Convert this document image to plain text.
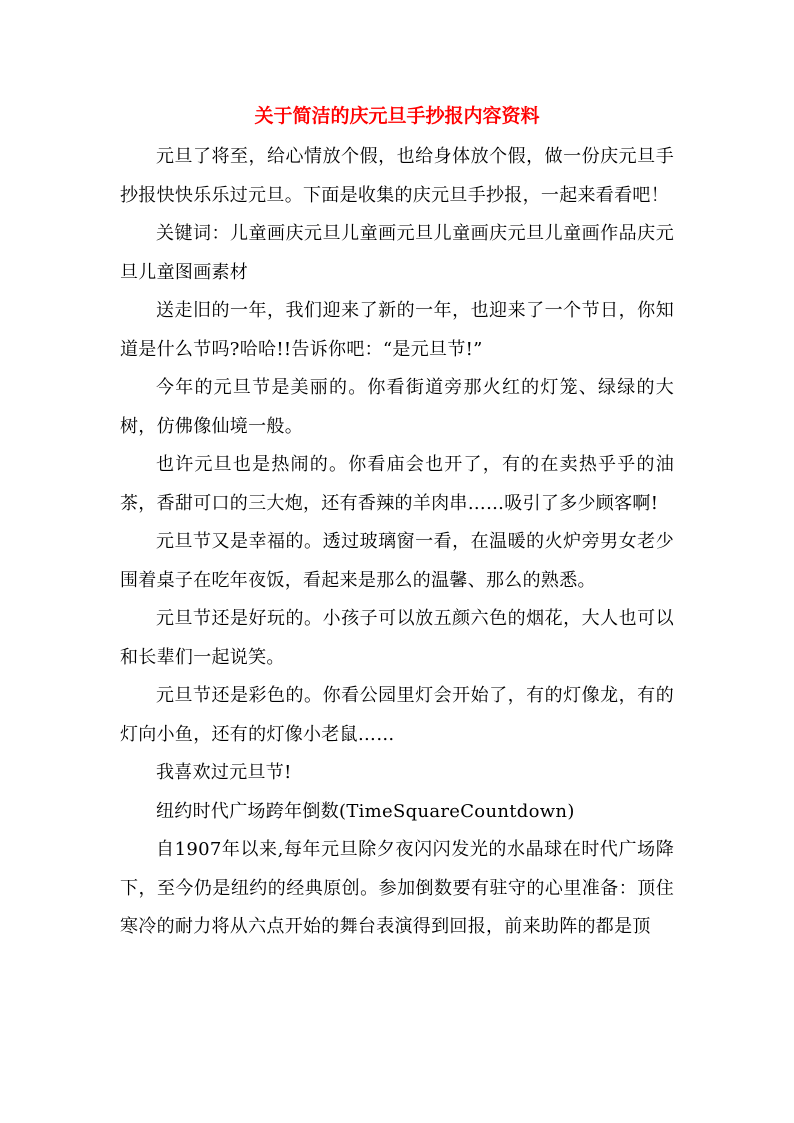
关于简洁的庆元旦手抄报内容资料

元旦了将至，给心情放个假，也给身体放个假，做一份庆元旦手抄报快快乐乐过元旦。下面是收集的庆元旦手抄报，一起来看看吧！

关键词：儿童画庆元旦儿童画元旦儿童画庆元旦儿童画作品庆元旦儿童图画素材

送走旧的一年，我们迎来了新的一年，也迎来了一个节日，你知道是什么节吗?哈哈!!告诉你吧：“是元旦节!”

今年的元旦节是美丽的。你看街道旁那火红的灯笼、绿绿的大树，仿佛像仙境一般。

也许元旦也是热闹的。你看庙会也开了，有的在卖热乎乎的油茶，香甜可口的三大炮，还有香辣的羊肉串……吸引了多少顾客啊!

元旦节又是幸福的。透过玻璃窗一看，在温暖的火炉旁男女老少围着桌子在吃年夜饭，看起来是那么的温馨、那么的熟悉。

元旦节还是好玩的。小孩子可以放五颜六色的烟花，大人也可以和长辈们一起说笑。

元旦节还是彩色的。你看公园里灯会开始了，有的灯像龙，有的灯向小鱼，还有的灯像小老鼠……

我喜欢过元旦节!

纽约时代广场跨年倒数(TimeSquareCountdown)

自1907年以来,每年元旦除夕夜闪闪发光的水晶球在时代广场降下，至今仍是纽约的经典原创。参加倒数要有驻守的心里准备：顶住寒冷的耐力将从六点开始的舞台表演得到回报，前来助阵的都是顶
